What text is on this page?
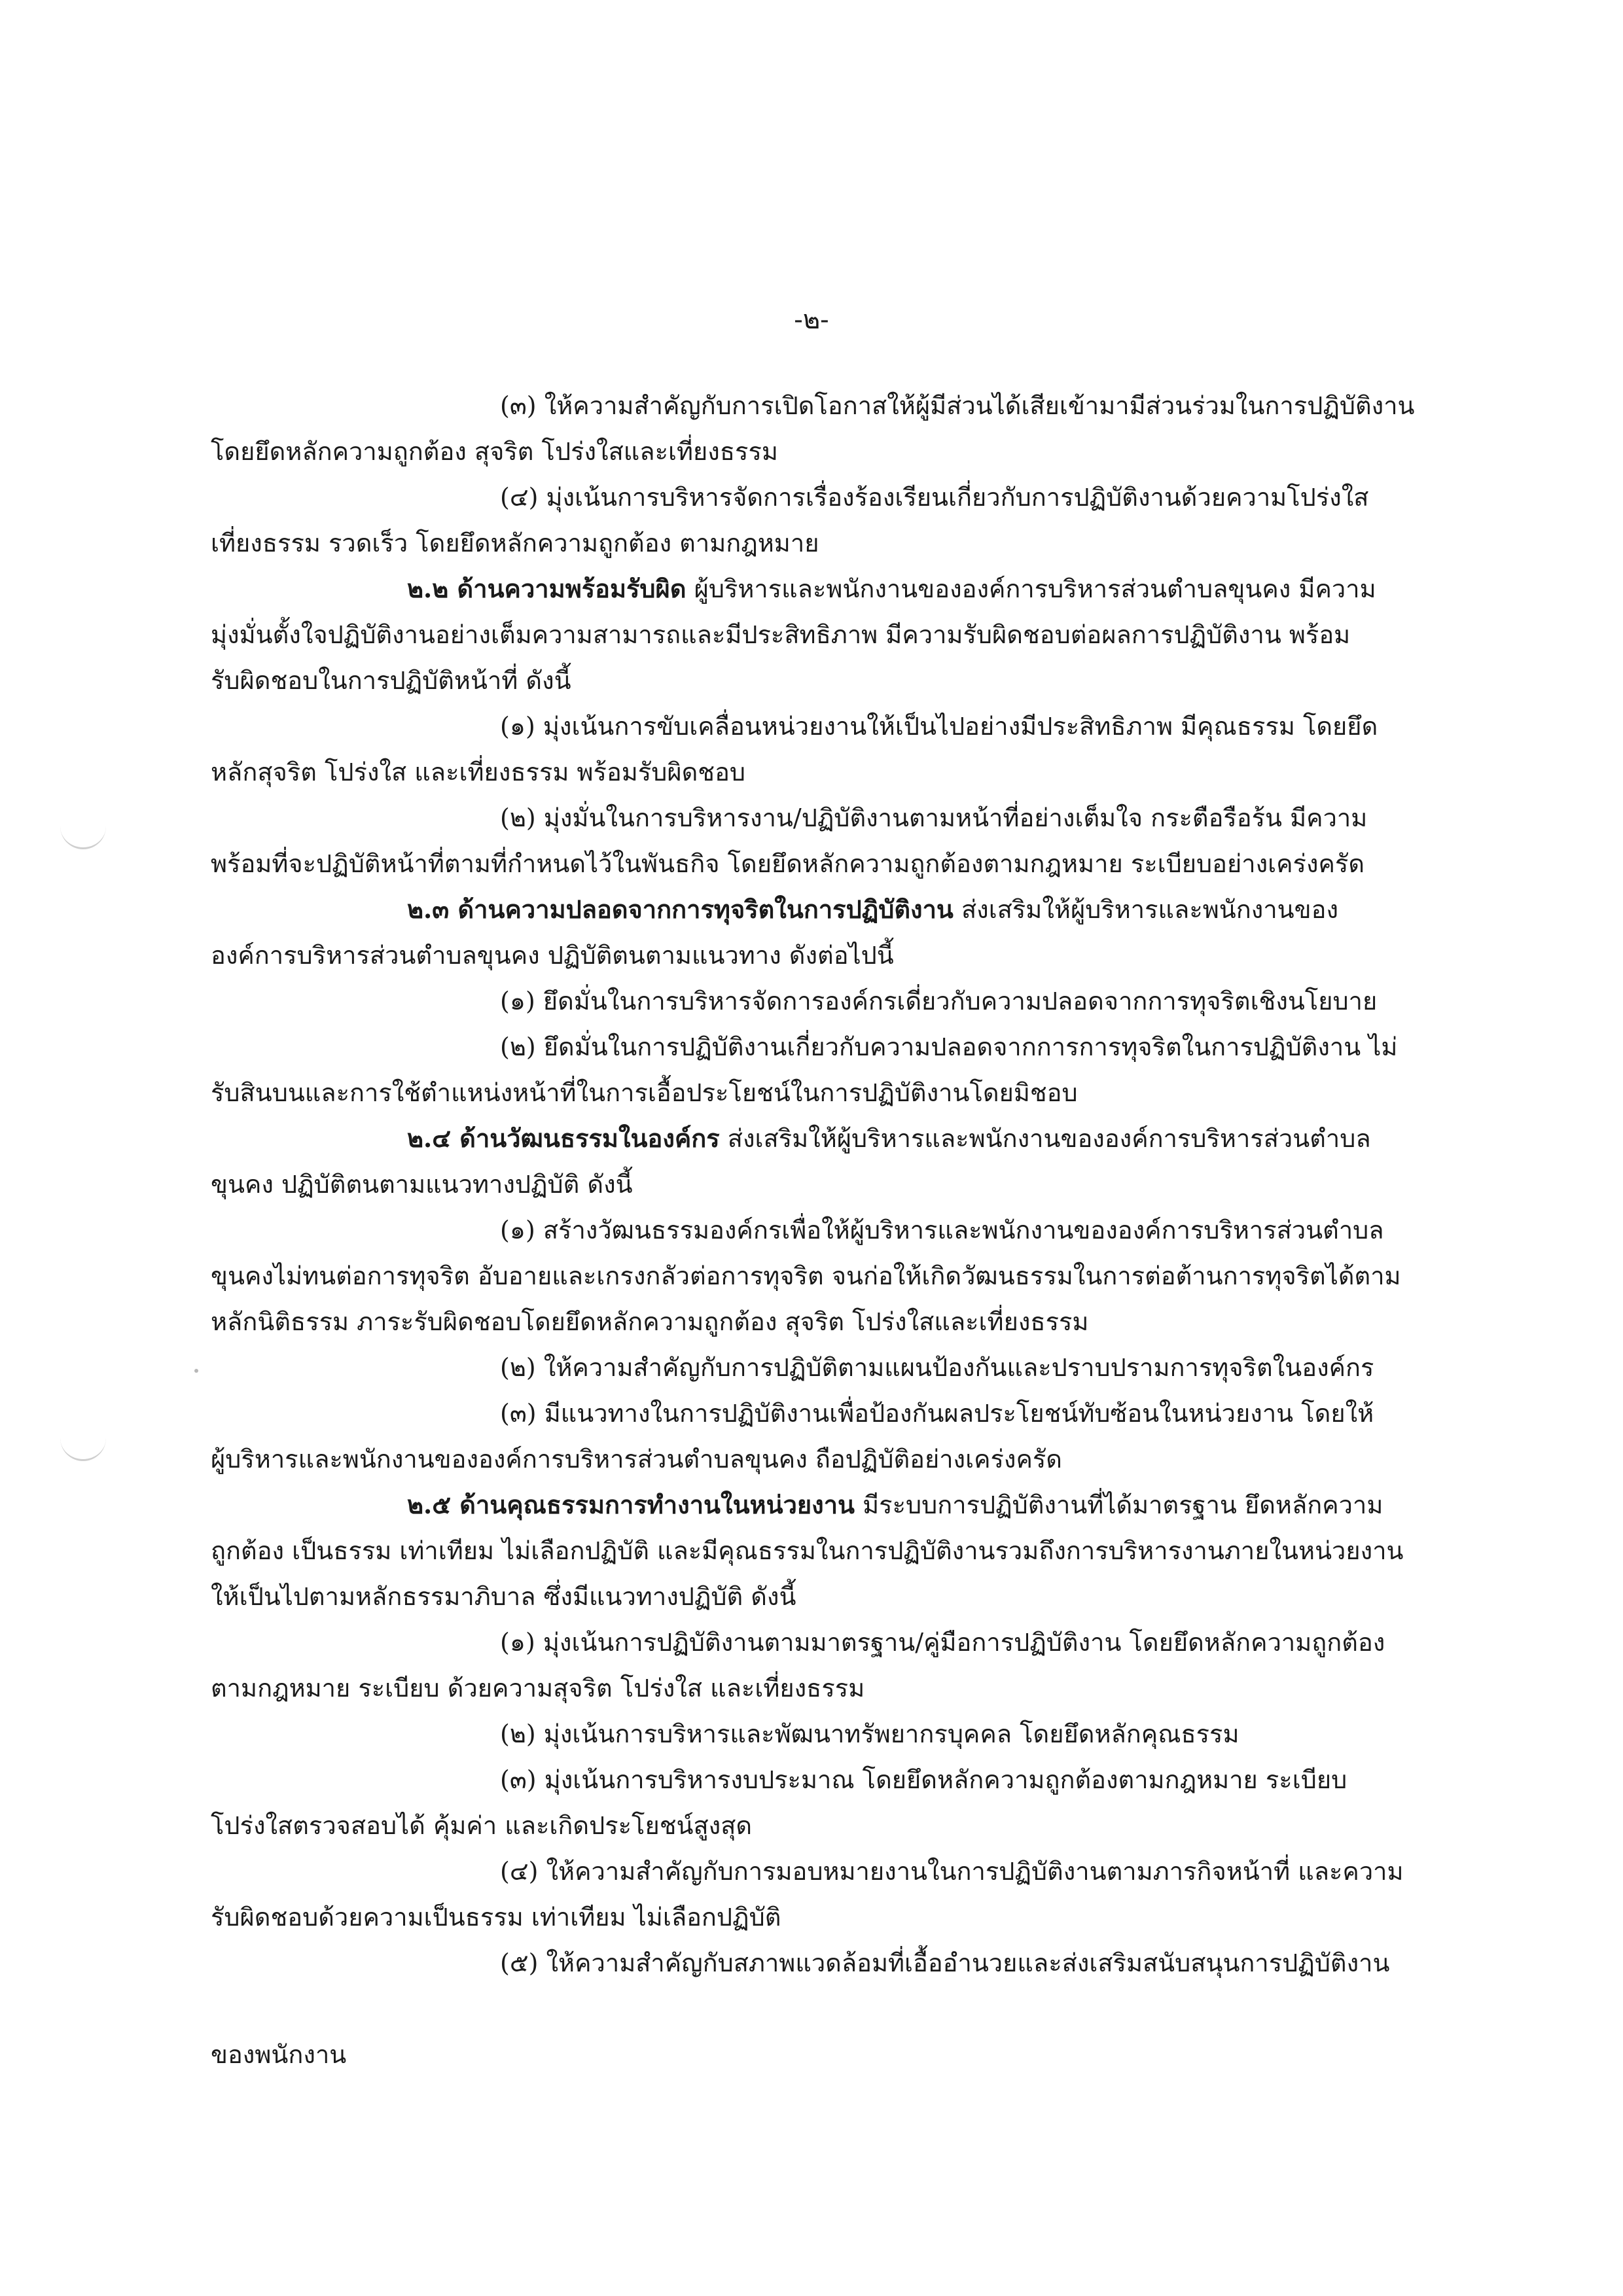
-๒-
(๓) ให้ความสำคัญกับการเปิดโอกาสให้ผู้มีส่วนได้เสียเข้ามามีส่วนร่วมในการปฏิบัติงาน
โดยยึดหลักความถูกต้อง สุจริต โปร่งใสและเที่ยงธรรม
(๔) มุ่งเน้นการบริหารจัดการเรื่องร้องเรียนเกี่ยวกับการปฏิบัติงานด้วยความโปร่งใส
เที่ยงธรรม รวดเร็ว โดยยึดหลักความถูกต้อง ตามกฎหมาย
๒.๒ ด้านความพร้อมรับผิด ผู้บริหารและพนักงานขององค์การบริหารส่วนตำบลขุนคง มีความ
มุ่งมั่นตั้งใจปฏิบัติงานอย่างเต็มความสามารถและมีประสิทธิภาพ มีความรับผิดชอบต่อผลการปฏิบัติงาน พร้อม
รับผิดชอบในการปฏิบัติหน้าที่ ดังนี้
(๑) มุ่งเน้นการขับเคลื่อนหน่วยงานให้เป็นไปอย่างมีประสิทธิภาพ มีคุณธรรม โดยยึด
หลักสุจริต โปร่งใส และเที่ยงธรรม พร้อมรับผิดชอบ
(๒) มุ่งมั่นในการบริหารงาน/ปฏิบัติงานตามหน้าที่อย่างเต็มใจ กระตือรือร้น มีความ
พร้อมที่จะปฏิบัติหน้าที่ตามที่กำหนดไว้ในพันธกิจ โดยยึดหลักความถูกต้องตามกฎหมาย ระเบียบอย่างเคร่งครัด
๒.๓ ด้านความปลอดจากการทุจริตในการปฏิบัติงาน ส่งเสริมให้ผู้บริหารและพนักงานของ
องค์การบริหารส่วนตำบลขุนคง ปฏิบัติตนตามแนวทาง ดังต่อไปนี้
(๑) ยึดมั่นในการบริหารจัดการองค์กรเดี่ยวกับความปลอดจากการทุจริตเชิงนโยบาย
(๒) ยึดมั่นในการปฏิบัติงานเกี่ยวกับความปลอดจากการการทุจริตในการปฏิบัติงาน ไม่
รับสินบนและการใช้ตำแหน่งหน้าที่ในการเอื้อประโยชน์ในการปฏิบัติงานโดยมิชอบ
๒.๔ ด้านวัฒนธรรมในองค์กร ส่งเสริมให้ผู้บริหารและพนักงานขององค์การบริหารส่วนตำบล
ขุนคง ปฏิบัติตนตามแนวทางปฏิบัติ ดังนี้
(๑) สร้างวัฒนธรรมองค์กรเพื่อให้ผู้บริหารและพนักงานขององค์การบริหารส่วนตำบล
ขุนคงไม่ทนต่อการทุจริต อับอายและเกรงกลัวต่อการทุจริต จนก่อให้เกิดวัฒนธรรมในการต่อต้านการทุจริตได้ตาม
หลักนิติธรรม ภาระรับผิดชอบโดยยึดหลักความถูกต้อง สุจริต โปร่งใสและเที่ยงธรรม
(๒) ให้ความสำคัญกับการปฏิบัติตามแผนป้องกันและปราบปรามการทุจริตในองค์กร
(๓) มีแนวทางในการปฏิบัติงานเพื่อป้องกันผลประโยชน์ทับซ้อนในหน่วยงาน โดยให้
ผู้บริหารและพนักงานขององค์การบริหารส่วนตำบลขุนคง ถือปฏิบัติอย่างเคร่งครัด
๒.๕ ด้านคุณธรรมการทำงานในหน่วยงาน มีระบบการปฏิบัติงานที่ได้มาตรฐาน ยึดหลักความ
ถูกต้อง เป็นธรรม เท่าเทียม ไม่เลือกปฏิบัติ และมีคุณธรรมในการปฏิบัติงานรวมถึงการบริหารงานภายในหน่วยงาน
ให้เป็นไปตามหลักธรรมาภิบาล ซึ่งมีแนวทางปฏิบัติ ดังนี้
(๑) มุ่งเน้นการปฏิบัติงานตามมาตรฐาน/คู่มือการปฏิบัติงาน โดยยึดหลักความถูกต้อง
ตามกฎหมาย ระเบียบ ด้วยความสุจริต โปร่งใส และเที่ยงธรรม
(๒) มุ่งเน้นการบริหารและพัฒนาทรัพยากรบุคคล โดยยึดหลักคุณธรรม
(๓) มุ่งเน้นการบริหารงบประมาณ โดยยึดหลักความถูกต้องตามกฎหมาย ระเบียบ
โปร่งใสตรวจสอบได้ คุ้มค่า และเกิดประโยชน์สูงสุด
(๔) ให้ความสำคัญกับการมอบหมายงานในการปฏิบัติงานตามภารกิจหน้าที่ และความ
รับผิดชอบด้วยความเป็นธรรม เท่าเทียม ไม่เลือกปฏิบัติ
(๕) ให้ความสำคัญกับสภาพแวดล้อมที่เอื้ออำนวยและส่งเสริมสนับสนุนการปฏิบัติงาน
ของพนักงาน
